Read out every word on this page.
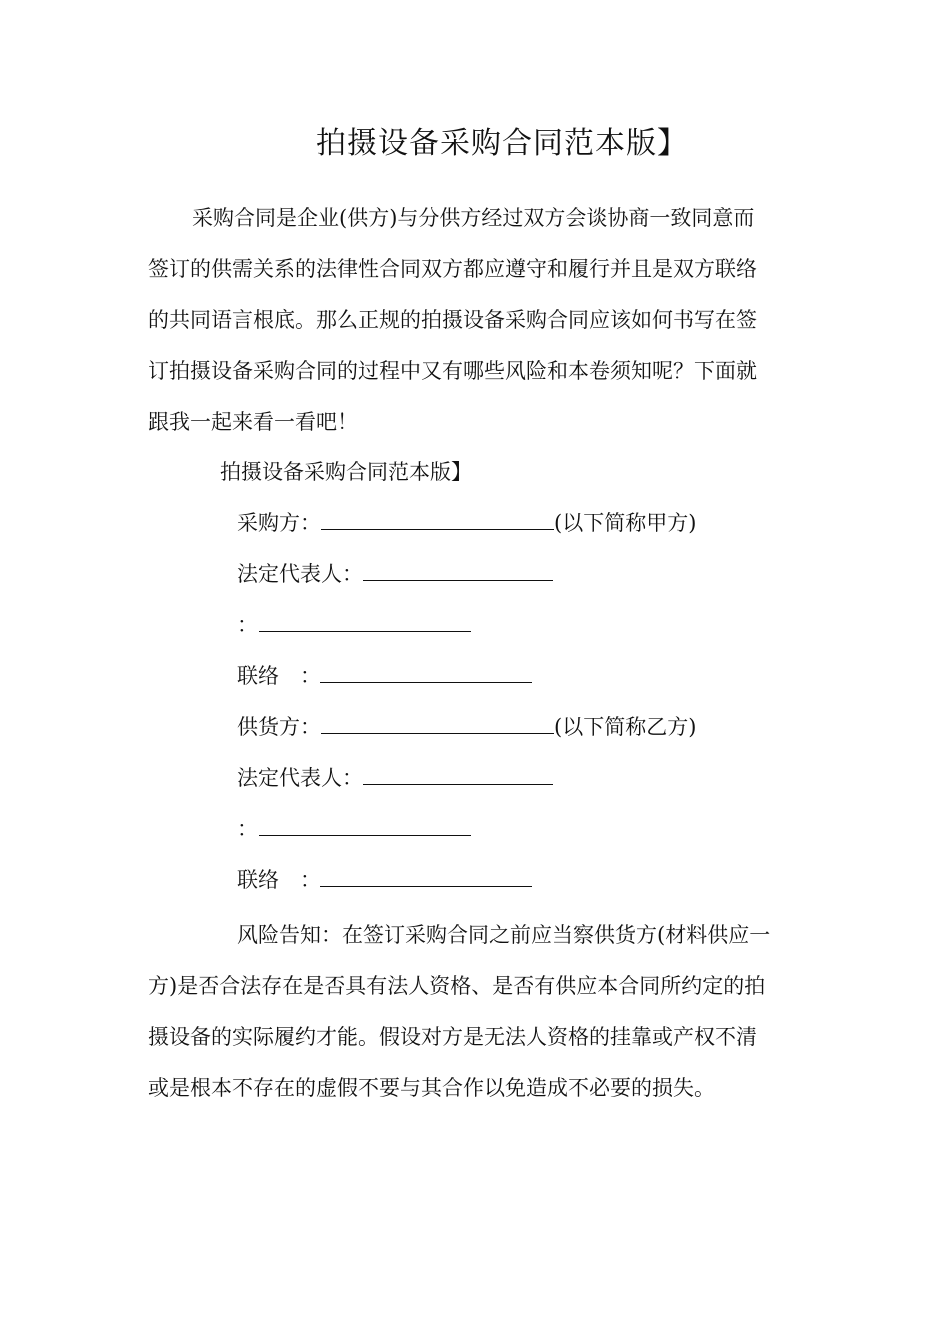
拍摄设备采购合同范本版】
采购合同是企业(供方)与分供方经过双方会谈协商一致同意而
签订的供需关系的法律性合同双方都应遵守和履行并且是双方联络
的共同语言根底。那么正规的拍摄设备采购合同应该如何书写在签
订拍摄设备采购合同的过程中又有哪些风险和本卷须知呢？下面就
跟我一起来看一看吧！
拍摄设备采购合同范本版】
采购方：	(以下简称甲方)
法定代表人：
：
联络　：
供货方：	(以下简称乙方)
法定代表人：
：
联络　：
风险告知：在签订采购合同之前应当察供货方(材料供应一
方)是否合法存在是否具有法人资格、是否有供应本合同所约定的拍
摄设备的实际履约才能。假设对方是无法人资格的挂靠或产权不清
或是根本不存在的虚假不要与其合作以免造成不必要的损失。
